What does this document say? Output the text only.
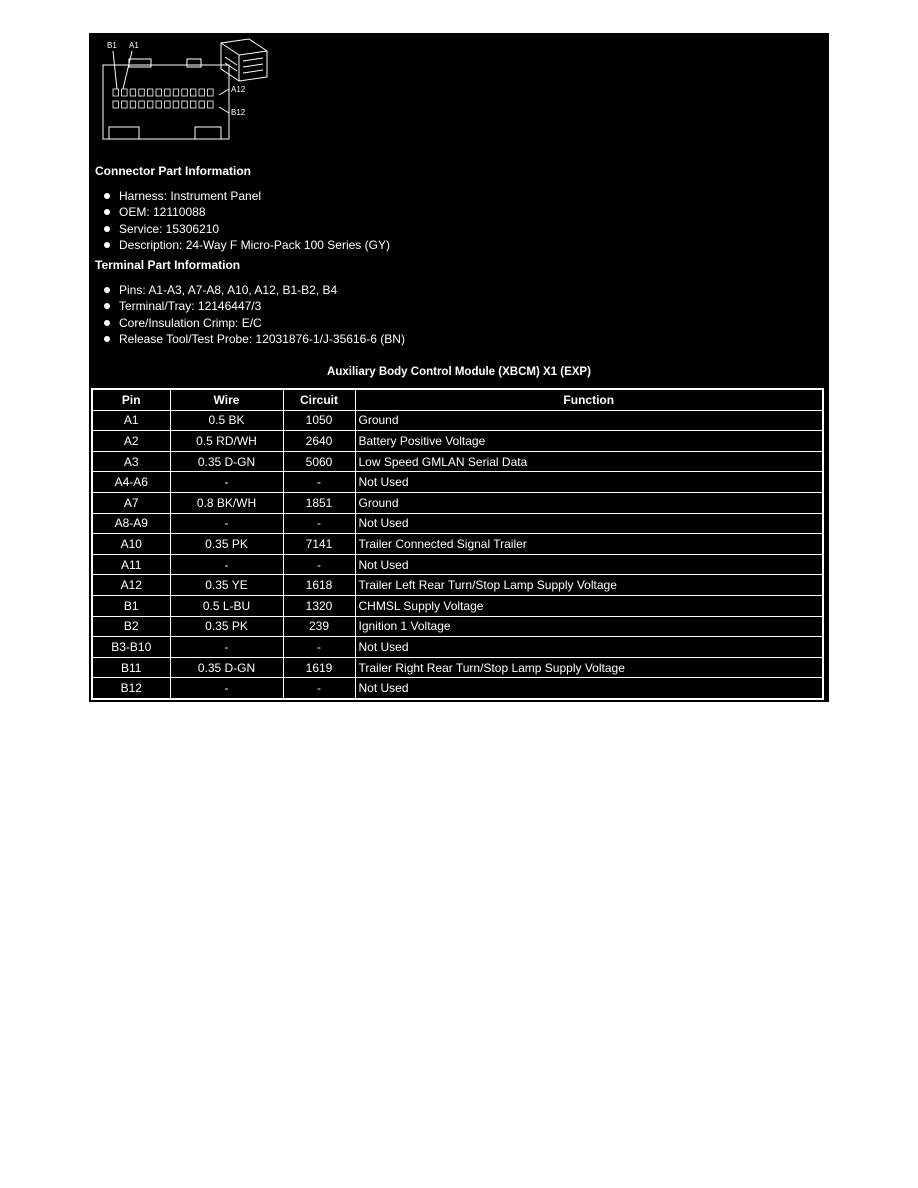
B1 A1
A12
B12
Connector Part Information
Harness: Instrument Panel
OEM: 12110088
Service: 15306210
Description: 24-Way F Micro-Pack 100 Series (GY)
Terminal Part Information
Pins: A1-A3, A7-A8, A10, A12, B1-B2, B4
Terminal/Tray: 12146447/3
Core/Insulation Crimp: E/C
Release Tool/Test Probe: 12031876-1/J-35616-6 (BN)
Auxiliary Body Control Module (XBCM) X1 (EXP)
Pin	Wire	Circuit	Function
A1	0.5 BK	1050	Ground
A2	0.5 RD/WH	2640	Battery Positive Voltage
A3	0.35 D-GN	5060	Low Speed GMLAN Serial Data
A4-A6	-	-	Not Used
A7	0.8 BK/WH	1851	Ground
A8-A9	-	-	Not Used
A10	0.35 PK	7141	Trailer Connected Signal Trailer
A11	-	-	Not Used
A12	0.35 YE	1618	Trailer Left Rear Turn/Stop Lamp Supply Voltage
B1	0.5 L-BU	1320	CHMSL Supply Voltage
B2	0.35 PK	239	Ignition 1 Voltage
B3-B10	-	-	Not Used
B11	0.35 D-GN	1619	Trailer Right Rear Turn/Stop Lamp Supply Voltage
B12	-	-	Not Used
